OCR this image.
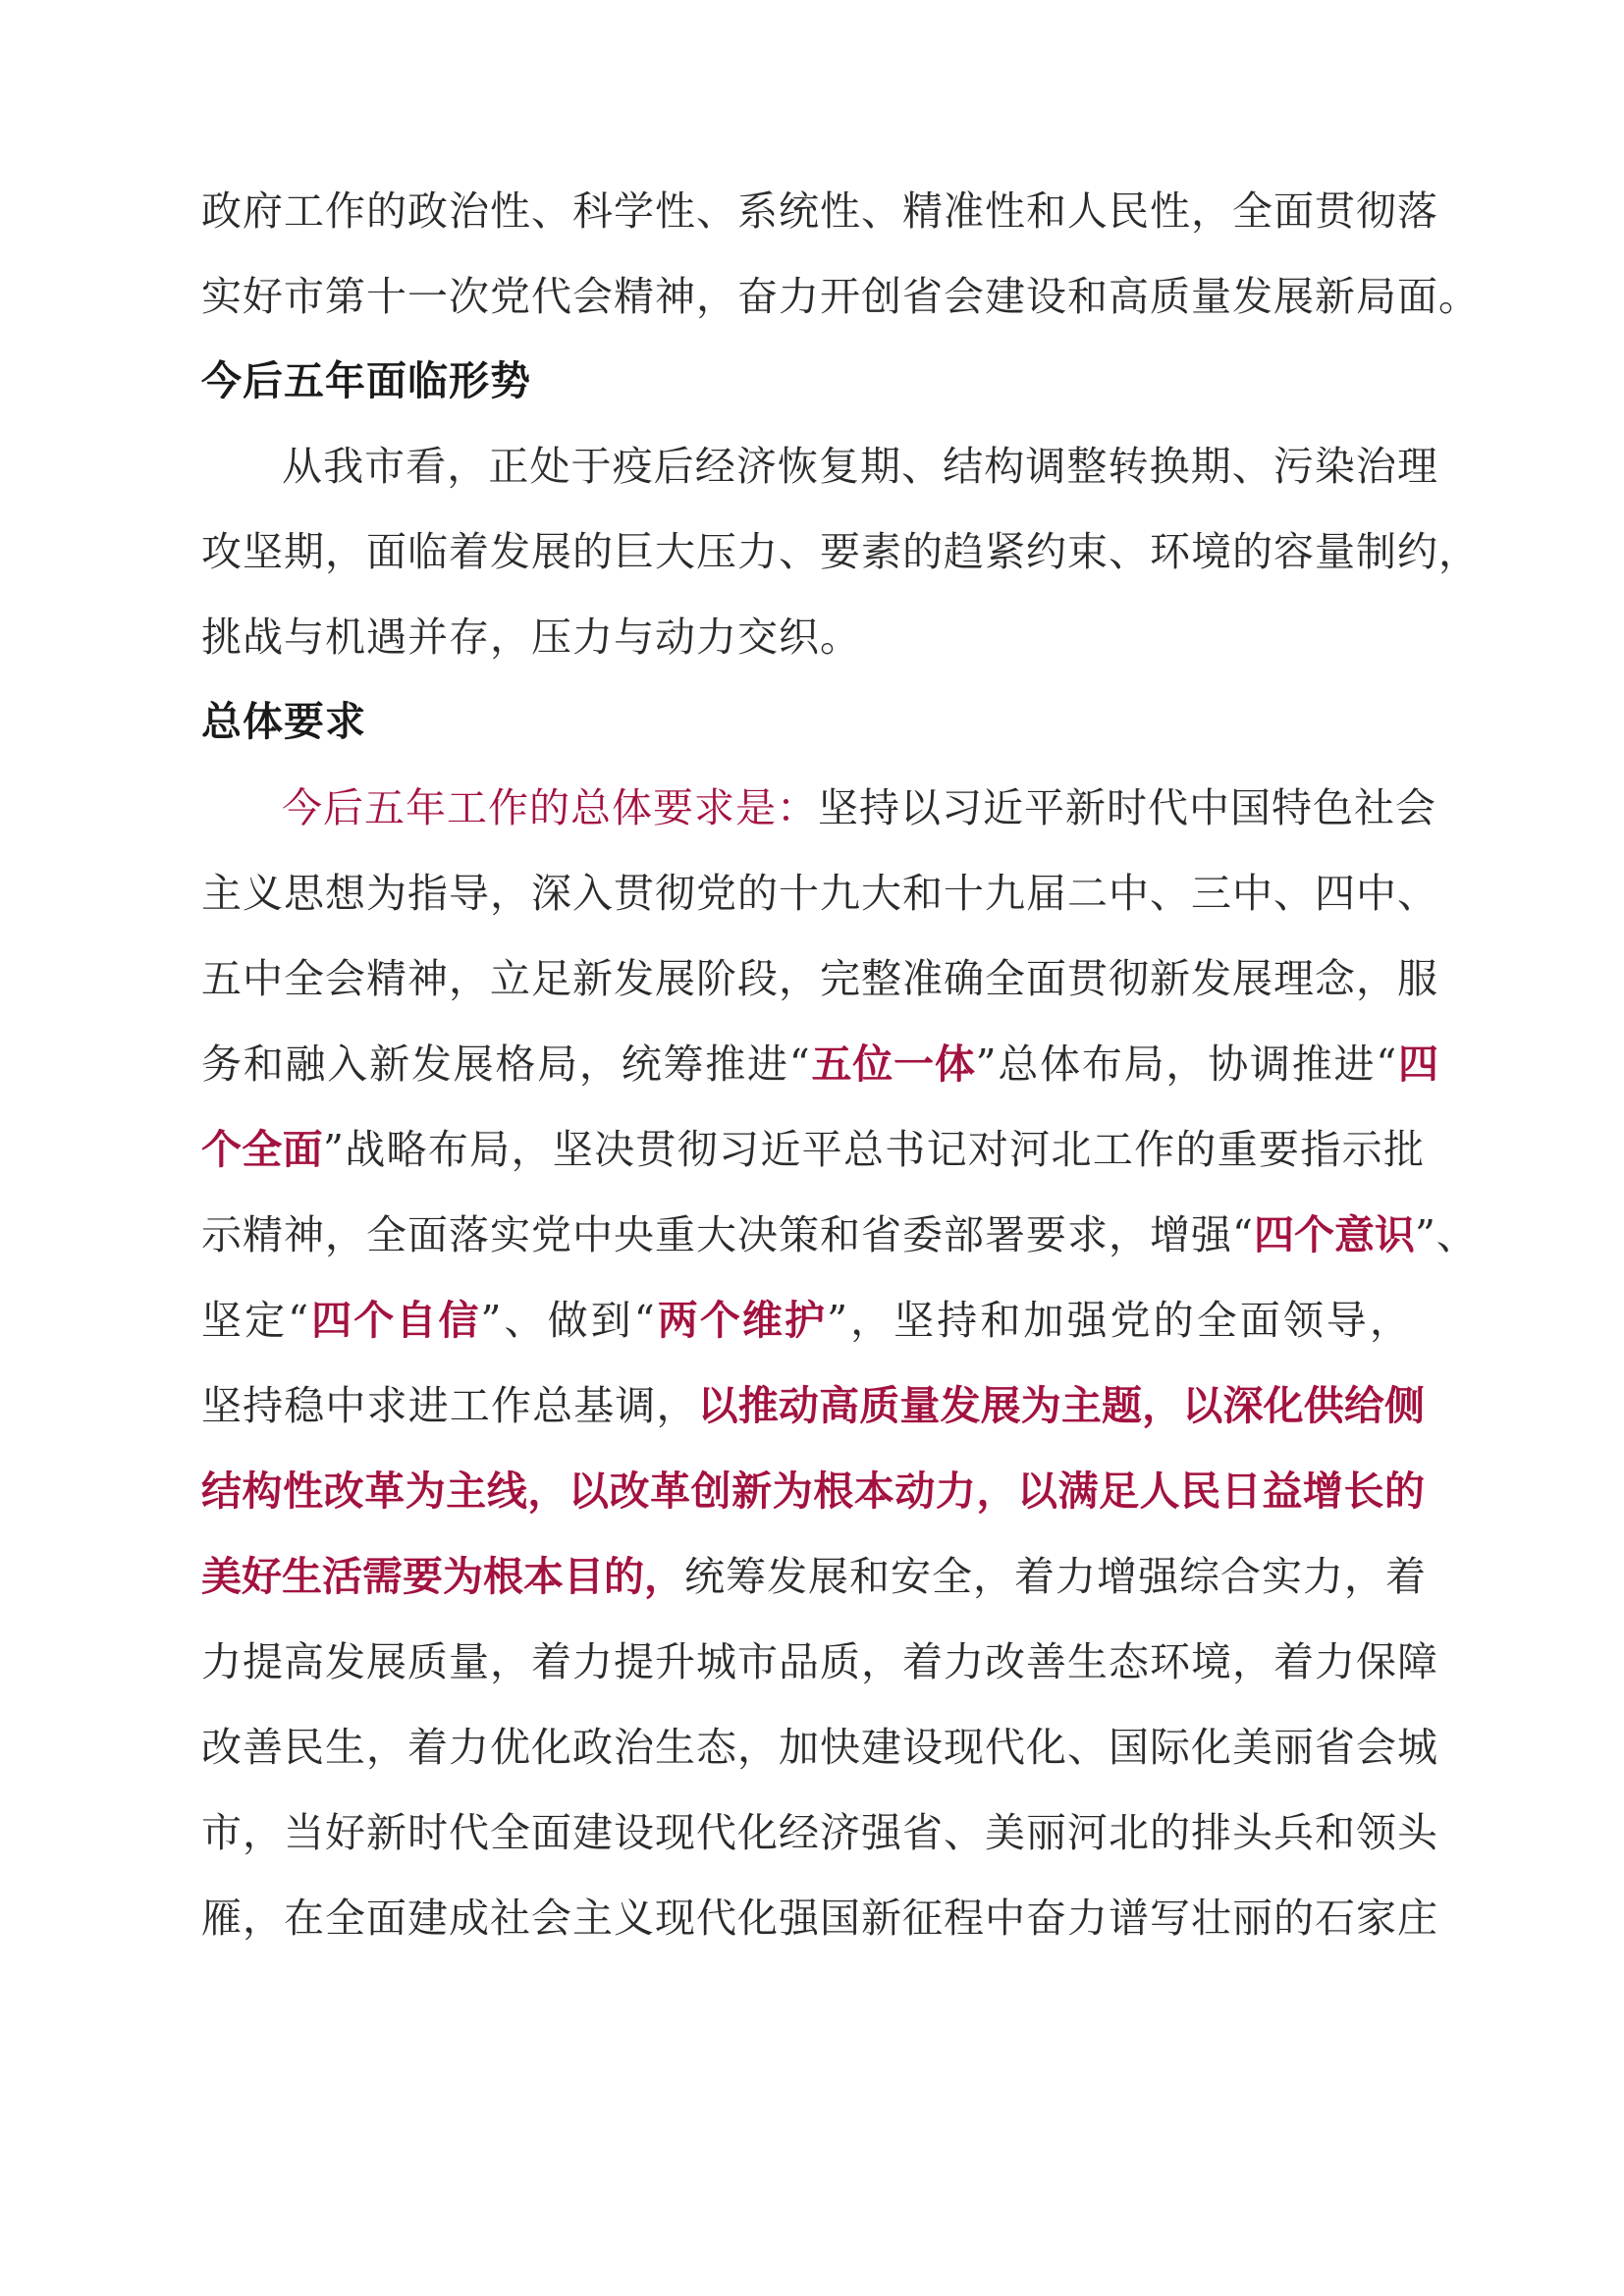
政府工作的政治性、科学性、系统性、精准性和人民性，全面贯彻落
实好市第十一次党代会精神，奋力开创省会建设和高质量发展新局面。
今后五年面临形势
从我市看，正处于疫后经济恢复期、结构调整转换期、污染治理
攻坚期，面临着发展的巨大压力、要素的趋紧约束、环境的容量制约，
挑战与机遇并存，压力与动力交织。
总体要求
今后五年工作的总体要求是：坚持以习近平新时代中国特色社会
主义思想为指导，深入贯彻党的十九大和十九届二中、三中、四中、
五中全会精神，立足新发展阶段，完整准确全面贯彻新发展理念，服
务和融入新发展格局，统筹推进“五位一体”总体布局，协调推进“四
个全面”战略布局，坚决贯彻习近平总书记对河北工作的重要指示批
示精神，全面落实党中央重大决策和省委部署要求，增强“四个意识”、
坚定“四个自信”、做到“两个维护”，坚持和加强党的全面领导，
坚持稳中求进工作总基调，以推动高质量发展为主题，以深化供给侧
结构性改革为主线，以改革创新为根本动力，以满足人民日益增长的
美好生活需要为根本目的，统筹发展和安全，着力增强综合实力，着
力提高发展质量，着力提升城市品质，着力改善生态环境，着力保障
改善民生，着力优化政治生态，加快建设现代化、国际化美丽省会城
市，当好新时代全面建设现代化经济强省、美丽河北的排头兵和领头
雁，在全面建成社会主义现代化强国新征程中奋力谱写壮丽的石家庄
